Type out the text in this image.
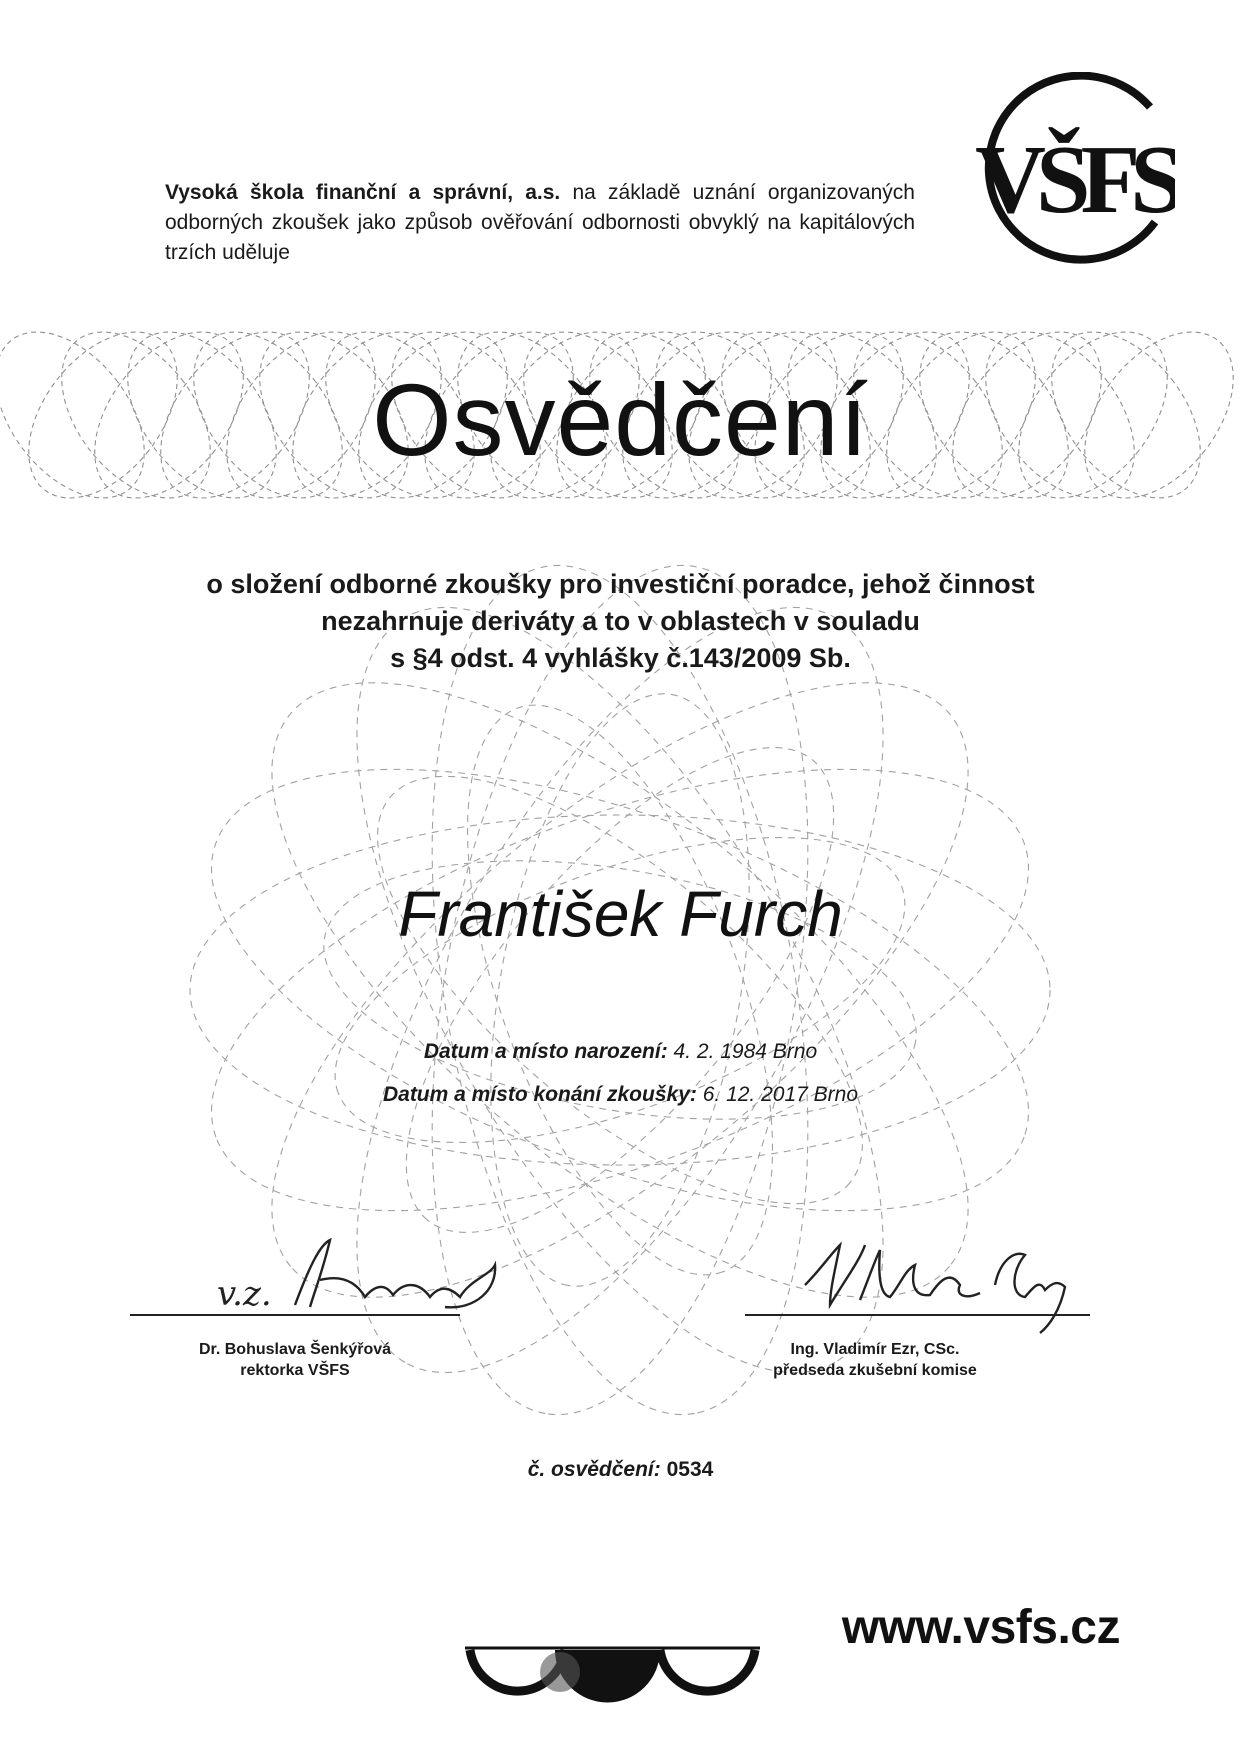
VŠFS
Vysoká škola finanční a správní, a.s. na základě uznání organizovaných odborných zkoušek jako způsob ověřování odbornosti obvyklý na kapitálových trzích uděluje
Osvědčení
o složení odborné zkoušky pro investiční poradce, jehož činnost
nezahrnuje deriváty a to v oblastech v souladu
s §4 odst. 4 vyhlášky č.143/2009 Sb.
František Furch
Datum a místo narození: 4. 2. 1984 Brno
Datum a místo konání zkoušky: 6. 12. 2017 Brno
v.z.
Dr. Bohuslava Šenkýřová
rektorka VŠFS
Ing. Vladimír Ezr, CSc.
předseda zkušební komise
č. osvědčení: 0534
www.vsfs.cz
